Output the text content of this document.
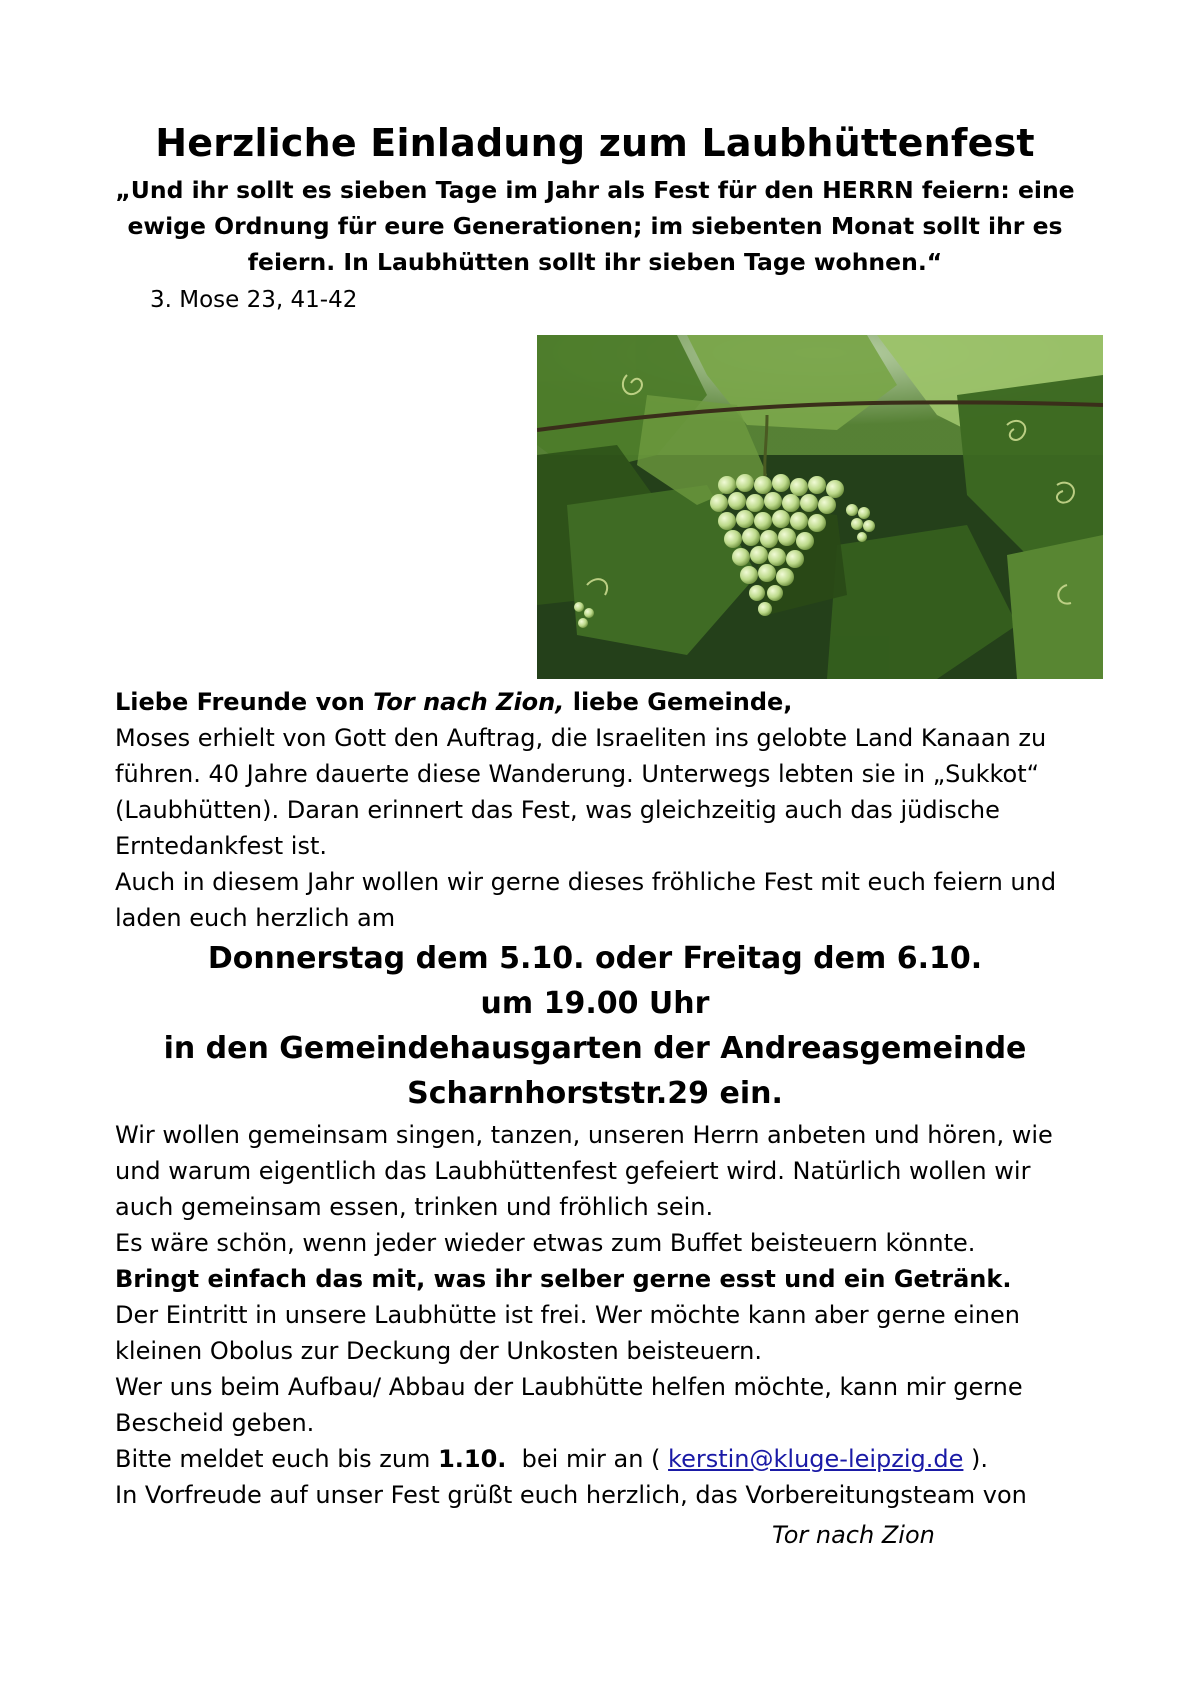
Herzliche Einladung zum Laubhüttenfest
„Und ihr sollt es sieben Tage im Jahr als Fest für den HERRN feiern: eine
ewige Ordnung für eure Generationen; im siebenten Monat sollt ihr es
feiern. In Laubhütten sollt ihr sieben Tage wohnen.“
3. Mose 23, 41-42
Liebe Freunde von Tor nach Zion, liebe Gemeinde,
Moses erhielt von Gott den Auftrag, die Israeliten ins gelobte Land Kanaan zu
führen. 40 Jahre dauerte diese Wanderung. Unterwegs lebten sie in „Sukkot“
(Laubhütten). Daran erinnert das Fest, was gleichzeitig auch das jüdische
Erntedankfest ist.
Auch in diesem Jahr wollen wir gerne dieses fröhliche Fest mit euch feiern und
laden euch herzlich am
Donnerstag dem 5.10. oder Freitag dem 6.10.
um 19.00 Uhr
in den Gemeindehausgarten der Andreasgemeinde
Scharnhorststr.29 ein.
Wir wollen gemeinsam singen, tanzen, unseren Herrn anbeten und hören, wie
und warum eigentlich das Laubhüttenfest gefeiert wird. Natürlich wollen wir
auch gemeinsam essen, trinken und fröhlich sein.
Es wäre schön, wenn jeder wieder etwas zum Buffet beisteuern könnte.
Bringt einfach das mit, was ihr selber gerne esst und ein Getränk.
Der Eintritt in unsere Laubhütte ist frei. Wer möchte kann aber gerne einen
kleinen Obolus zur Deckung der Unkosten beisteuern.
Wer uns beim Aufbau/ Abbau der Laubhütte helfen möchte, kann mir gerne
Bescheid geben.
Bitte meldet euch bis zum 1.10.  bei mir an ( kerstin@kluge-leipzig.de ).
In Vorfreude auf unser Fest grüßt euch herzlich, das Vorbereitungsteam von
Tor nach Zion
